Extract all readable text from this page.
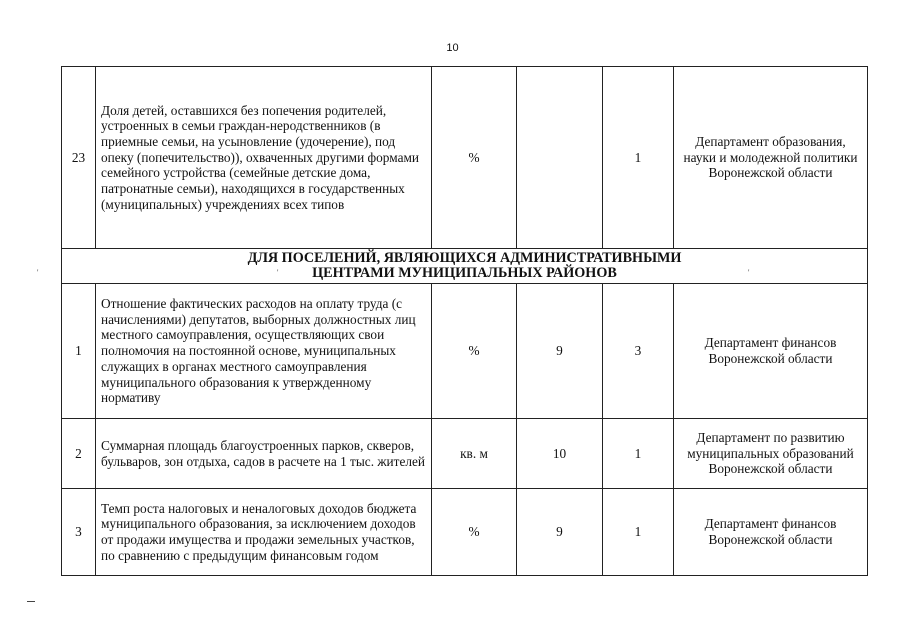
10
23	Доля детей, оставшихся без попечения родителей, устроенных в семьи граждан-неродственников (в приемные семьи, на усыновление (удочерение), под опеку (попечительство)), охваченных другими формами семейного устройства (семейные детские дома, патронатные семьи), находящихся в государственных (муниципальных) учреждениях всех типов	%		1	Департамент образования, науки и молодежной политики Воронежской области
ДЛЯ ПОСЕЛЕНИЙ, ЯВЛЯЮЩИХСЯ АДМИНИСТРАТИВНЫМИ ЦЕНТРАМИ МУНИЦИПАЛЬНЫХ РАЙОНОВ					
1	Отношение фактических расходов на оплату труда (с начислениями) депутатов, выборных должностных лиц местного самоуправления, осуществляющих свои полномочия на постоянной основе, муниципальных служащих в органах местного самоуправления муниципального образования к утвержденному нормативу	%	9	3	Департамент финансов Воронежской области
2	Суммарная площадь благоустроенных парков, скверов, бульваров, зон отдыха, садов в расчете на 1 тыс. жителей	кв. м	10	1	Департамент по развитию муниципальных образований Воронежской области
3	Темп роста налоговых и неналоговых доходов бюджета муниципального образования, за исключением доходов от продажи имущества и продажи земельных участков, по сравнению с предыдущим финансовым годом	%	9	1	Департамент финансов Воронежской области
'	'	'
